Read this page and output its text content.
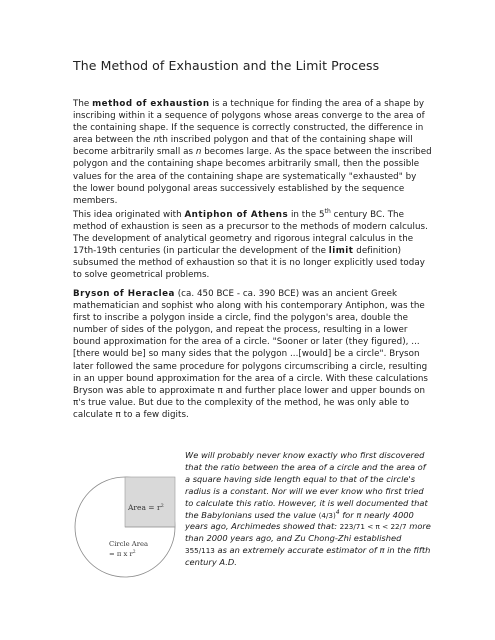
The Method of Exhaustion and the Limit Process

The method of exhaustion is a technique for finding the area of a shape by inscribing within it a sequence of polygons whose areas converge to the area of the containing shape. If the sequence is correctly constructed, the difference in area between the nth inscribed polygon and that of the containing shape will become arbitrarily small as n becomes large. As the space between the inscribed polygon and the containing shape becomes arbitrarily small, then the possible values for the area of the containing shape are systematically "exhausted" by the lower bound polygonal areas successively established by the sequence members.

This idea originated with Antiphon of Athens in the 5th century BC. The method of exhaustion is seen as a precursor to the methods of modern calculus. The development of analytical geometry and rigorous integral calculus in the 17th-19th centuries (in particular the development of the limit definition) subsumed the method of exhaustion so that it is no longer explicitly used today to solve geometrical problems.

Bryson of Heraclea (ca. 450 BCE - ca. 390 BCE) was an ancient Greek mathematician and sophist who along with his contemporary Antiphon, was the first to inscribe a polygon inside a circle, find the polygon's area, double the number of sides of the polygon, and repeat the process, resulting in a lower bound approximation for the area of a circle. "Sooner or later (they figured), ...[there would be] so many sides that the polygon ...[would] be a circle". Bryson later followed the same procedure for polygons circumscribing a circle, resulting in an upper bound approximation for the area of a circle. With these calculations Bryson was able to approximate π and further place lower and upper bounds on π's true value. But due to the complexity of the method, he was only able to calculate π to a few digits.

Area = $r^2$
Circle Area
= π x $r^2$

We will probably never know exactly who first discovered that the ratio between the area of a circle and the area of a square having side length equal to that of the circle's radius is a constant. Nor will we ever know who first tried to calculate this ratio. However, it is well documented that the Babylonians used the value $(4/3)^4$ for π nearly 4000 years ago, Archimedes showed that: 223/71 < π < 22/7 more than 2000 years ago, and Zu Chong-Zhi established 355/113 as an extremely accurate estimator of π in the fifth century A.D.
